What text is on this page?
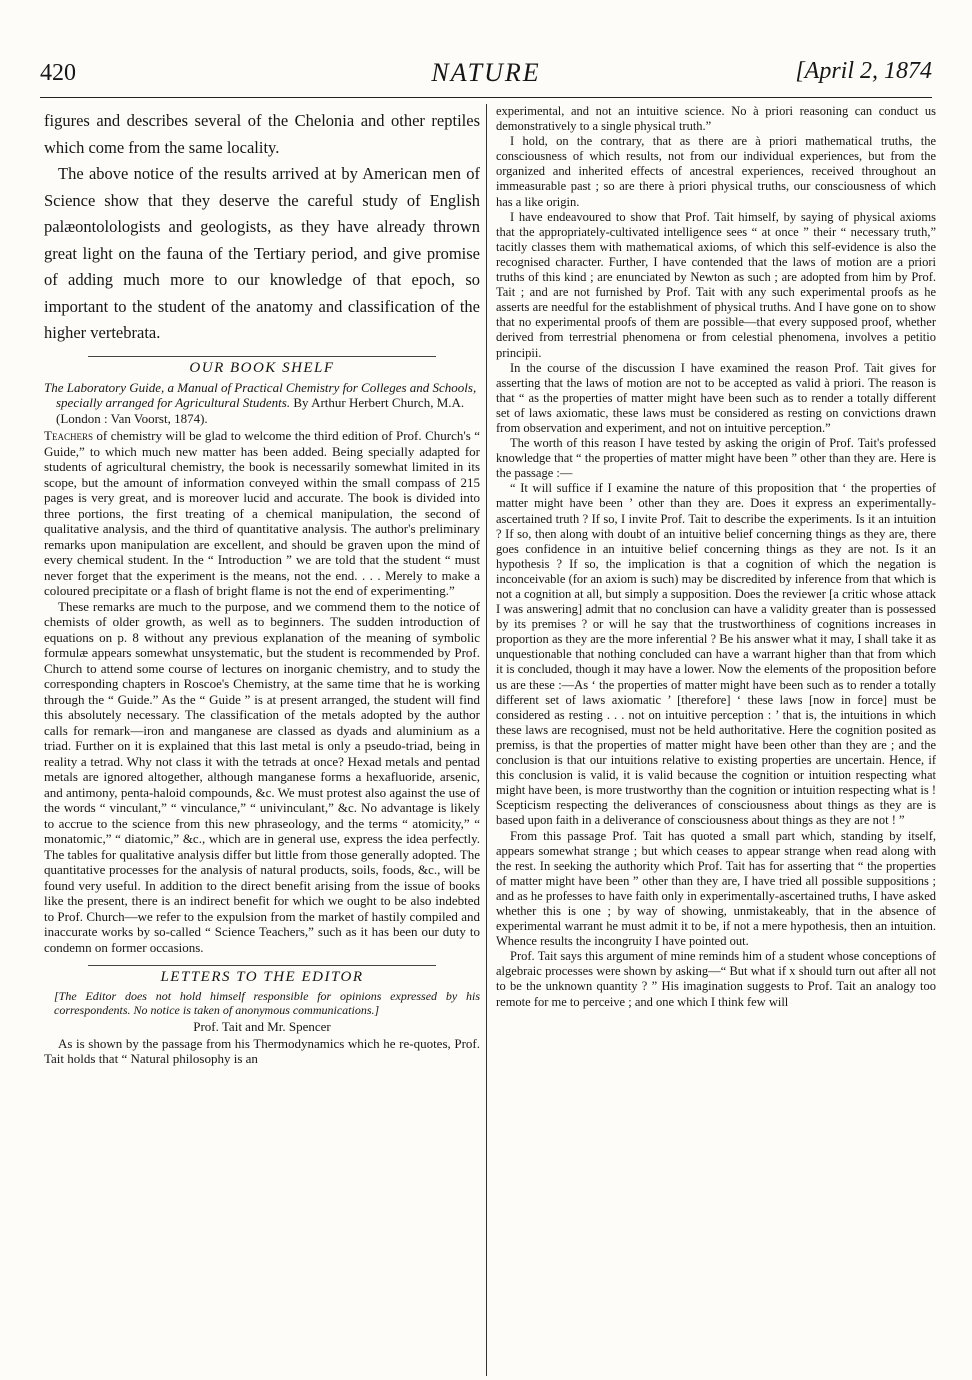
420	NATURE	[April 2, 1874

figures and describes several of the Chelonia and other reptiles which come from the same locality.

The above notice of the results arrived at by American men of Science show that they deserve the careful study of English palæontolologists and geologists, as they have already thrown great light on the fauna of the Tertiary period, and give promise of adding much more to our knowledge of that epoch, so important to the student of the anatomy and classification of the higher vertebrata.

OUR BOOK SHELF

The Laboratory Guide, a Manual of Practical Chemistry for Colleges and Schools, specially arranged for Agricultural Students. By Arthur Herbert Church, M.A. (London : Van Voorst, 1874).

Teachers of chemistry will be glad to welcome the third edition of Prof. Church's “ Guide,” to which much new matter has been added. Being specially adapted for students of agricultural chemistry, the book is necessarily somewhat limited in its scope, but the amount of information conveyed within the small compass of 215 pages is very great, and is moreover lucid and accurate. The book is divided into three portions, the first treating of a chemical manipulation, the second of qualitative analysis, and the third of quantitative analysis. The author's preliminary remarks upon manipulation are excellent, and should be graven upon the mind of every chemical student. In the “ Introduction ” we are told that the student “ must never forget that the experiment is the means, not the end. . . . Merely to make a coloured precipitate or a flash of bright flame is not the end of experimenting.”

These remarks are much to the purpose, and we commend them to the notice of chemists of older growth, as well as to beginners. The sudden introduction of equations on p. 8 without any previous explanation of the meaning of symbolic formulæ appears somewhat unsystematic, but the student is recommended by Prof. Church to attend some course of lectures on inorganic chemistry, and to study the corresponding chapters in Roscoe's Chemistry, at the same time that he is working through the “ Guide.” As the “ Guide ” is at present arranged, the student will find this absolutely necessary. The classification of the metals adopted by the author calls for remark—iron and manganese are classed as dyads and aluminium as a triad. Further on it is explained that this last metal is only a pseudo-triad, being in reality a tetrad. Why not class it with the tetrads at once? Hexad metals and pentad metals are ignored altogether, although manganese forms a hexafluoride, arsenic, and antimony, penta-haloid compounds, &c. We must protest also against the use of the words “ vinculant,” “ vinculance,” “ univinculant,” &c. No advantage is likely to accrue to the science from this new phraseology, and the terms “ atomicity,” “ monatomic,” “ diatomic,” &c., which are in general use, express the idea perfectly. The tables for qualitative analysis differ but little from those generally adopted. The quantitative processes for the analysis of natural products, soils, foods, &c., will be found very useful. In addition to the direct benefit arising from the issue of books like the present, there is an indirect benefit for which we ought to be also indebted to Prof. Church—we refer to the expulsion from the market of hastily compiled and inaccurate works by so-called “ Science Teachers,” such as it has been our duty to condemn on former occasions.

LETTERS TO THE EDITOR

[The Editor does not hold himself responsible for opinions expressed by his correspondents. No notice is taken of anonymous communications.]

Prof. Tait and Mr. Spencer

As is shown by the passage from his Thermodynamics which he re-quotes, Prof. Tait holds that “ Natural philosophy is an

experimental, and not an intuitive science. No à priori reasoning can conduct us demonstratively to a single physical truth.”

I hold, on the contrary, that as there are à priori mathematical truths, the consciousness of which results, not from our individual experiences, but from the organized and inherited effects of ancestral experiences, received throughout an immeasurable past ; so are there à priori physical truths, our consciousness of which has a like origin.

I have endeavoured to show that Prof. Tait himself, by saying of physical axioms that the appropriately-cultivated intelligence sees “ at once ” their “ necessary truth,” tacitly classes them with mathematical axioms, of which this self-evidence is also the recognised character. Further, I have contended that the laws of motion are a priori truths of this kind ; are enunciated by Newton as such ; are adopted from him by Prof. Tait ; and are not furnished by Prof. Tait with any such experimental proofs as he asserts are needful for the establishment of physical truths. And I have gone on to show that no experimental proofs of them are possible—that every supposed proof, whether derived from terrestrial phenomena or from celestial phenomena, involves a petitio principii.

In the course of the discussion I have examined the reason Prof. Tait gives for asserting that the laws of motion are not to be accepted as valid à priori. The reason is that “ as the properties of matter might have been such as to render a totally different set of laws axiomatic, these laws must be considered as resting on convictions drawn from observation and experiment, and not on intuitive perception.”

The worth of this reason I have tested by asking the origin of Prof. Tait's professed knowledge that “ the properties of matter might have been ” other than they are. Here is the passage :—

“ It will suffice if I examine the nature of this proposition that ‘ the properties of matter might have been ’ other than they are. Does it express an experimentally-ascertained truth ? If so, I invite Prof. Tait to describe the experiments. Is it an intuition ? If so, then along with doubt of an intuitive belief concerning things as they are, there goes confidence in an intuitive belief concerning things as they are not. Is it an hypothesis ? If so, the implication is that a cognition of which the negation is inconceivable (for an axiom is such) may be discredited by inference from that which is not a cognition at all, but simply a supposition. Does the reviewer [a critic whose attack I was answering] admit that no conclusion can have a validity greater than is possessed by its premises ? or will he say that the trustworthiness of cognitions increases in proportion as they are the more inferential ? Be his answer what it may, I shall take it as unquestionable that nothing concluded can have a warrant higher than that from which it is concluded, though it may have a lower. Now the elements of the proposition before us are these :—As ‘ the properties of matter might have been such as to render a totally different set of laws axiomatic ’ [therefore] ‘ these laws [now in force] must be considered as resting . . . not on intuitive perception : ’ that is, the intuitions in which these laws are recognised, must not be held authoritative. Here the cognition posited as premiss, is that the properties of matter might have been other than they are ; and the conclusion is that our intuitions relative to existing properties are uncertain. Hence, if this conclusion is valid, it is valid because the cognition or intuition respecting what might have been, is more trustworthy than the cognition or intuition respecting what is ! Scepticism respecting the deliverances of consciousness about things as they are is based upon faith in a deliverance of consciousness about things as they are not ! ”

From this passage Prof. Tait has quoted a small part which, standing by itself, appears somewhat strange ; but which ceases to appear strange when read along with the rest. In seeking the authority which Prof. Tait has for asserting that “ the properties of matter might have been ” other than they are, I have tried all possible suppositions ; and as he professes to have faith only in experimentally-ascertained truths, I have asked whether this is one ; by way of showing, unmistakeably, that in the absence of experimental warrant he must admit it to be, if not a mere hypothesis, then an intuition. Whence results the incongruity I have pointed out.

Prof. Tait says this argument of mine reminds him of a student whose conceptions of algebraic processes were shown by asking—“ But what if x should turn out after all not to be the unknown quantity ? ” His imagination suggests to Prof. Tait an analogy too remote for me to perceive ; and one which I think few will
